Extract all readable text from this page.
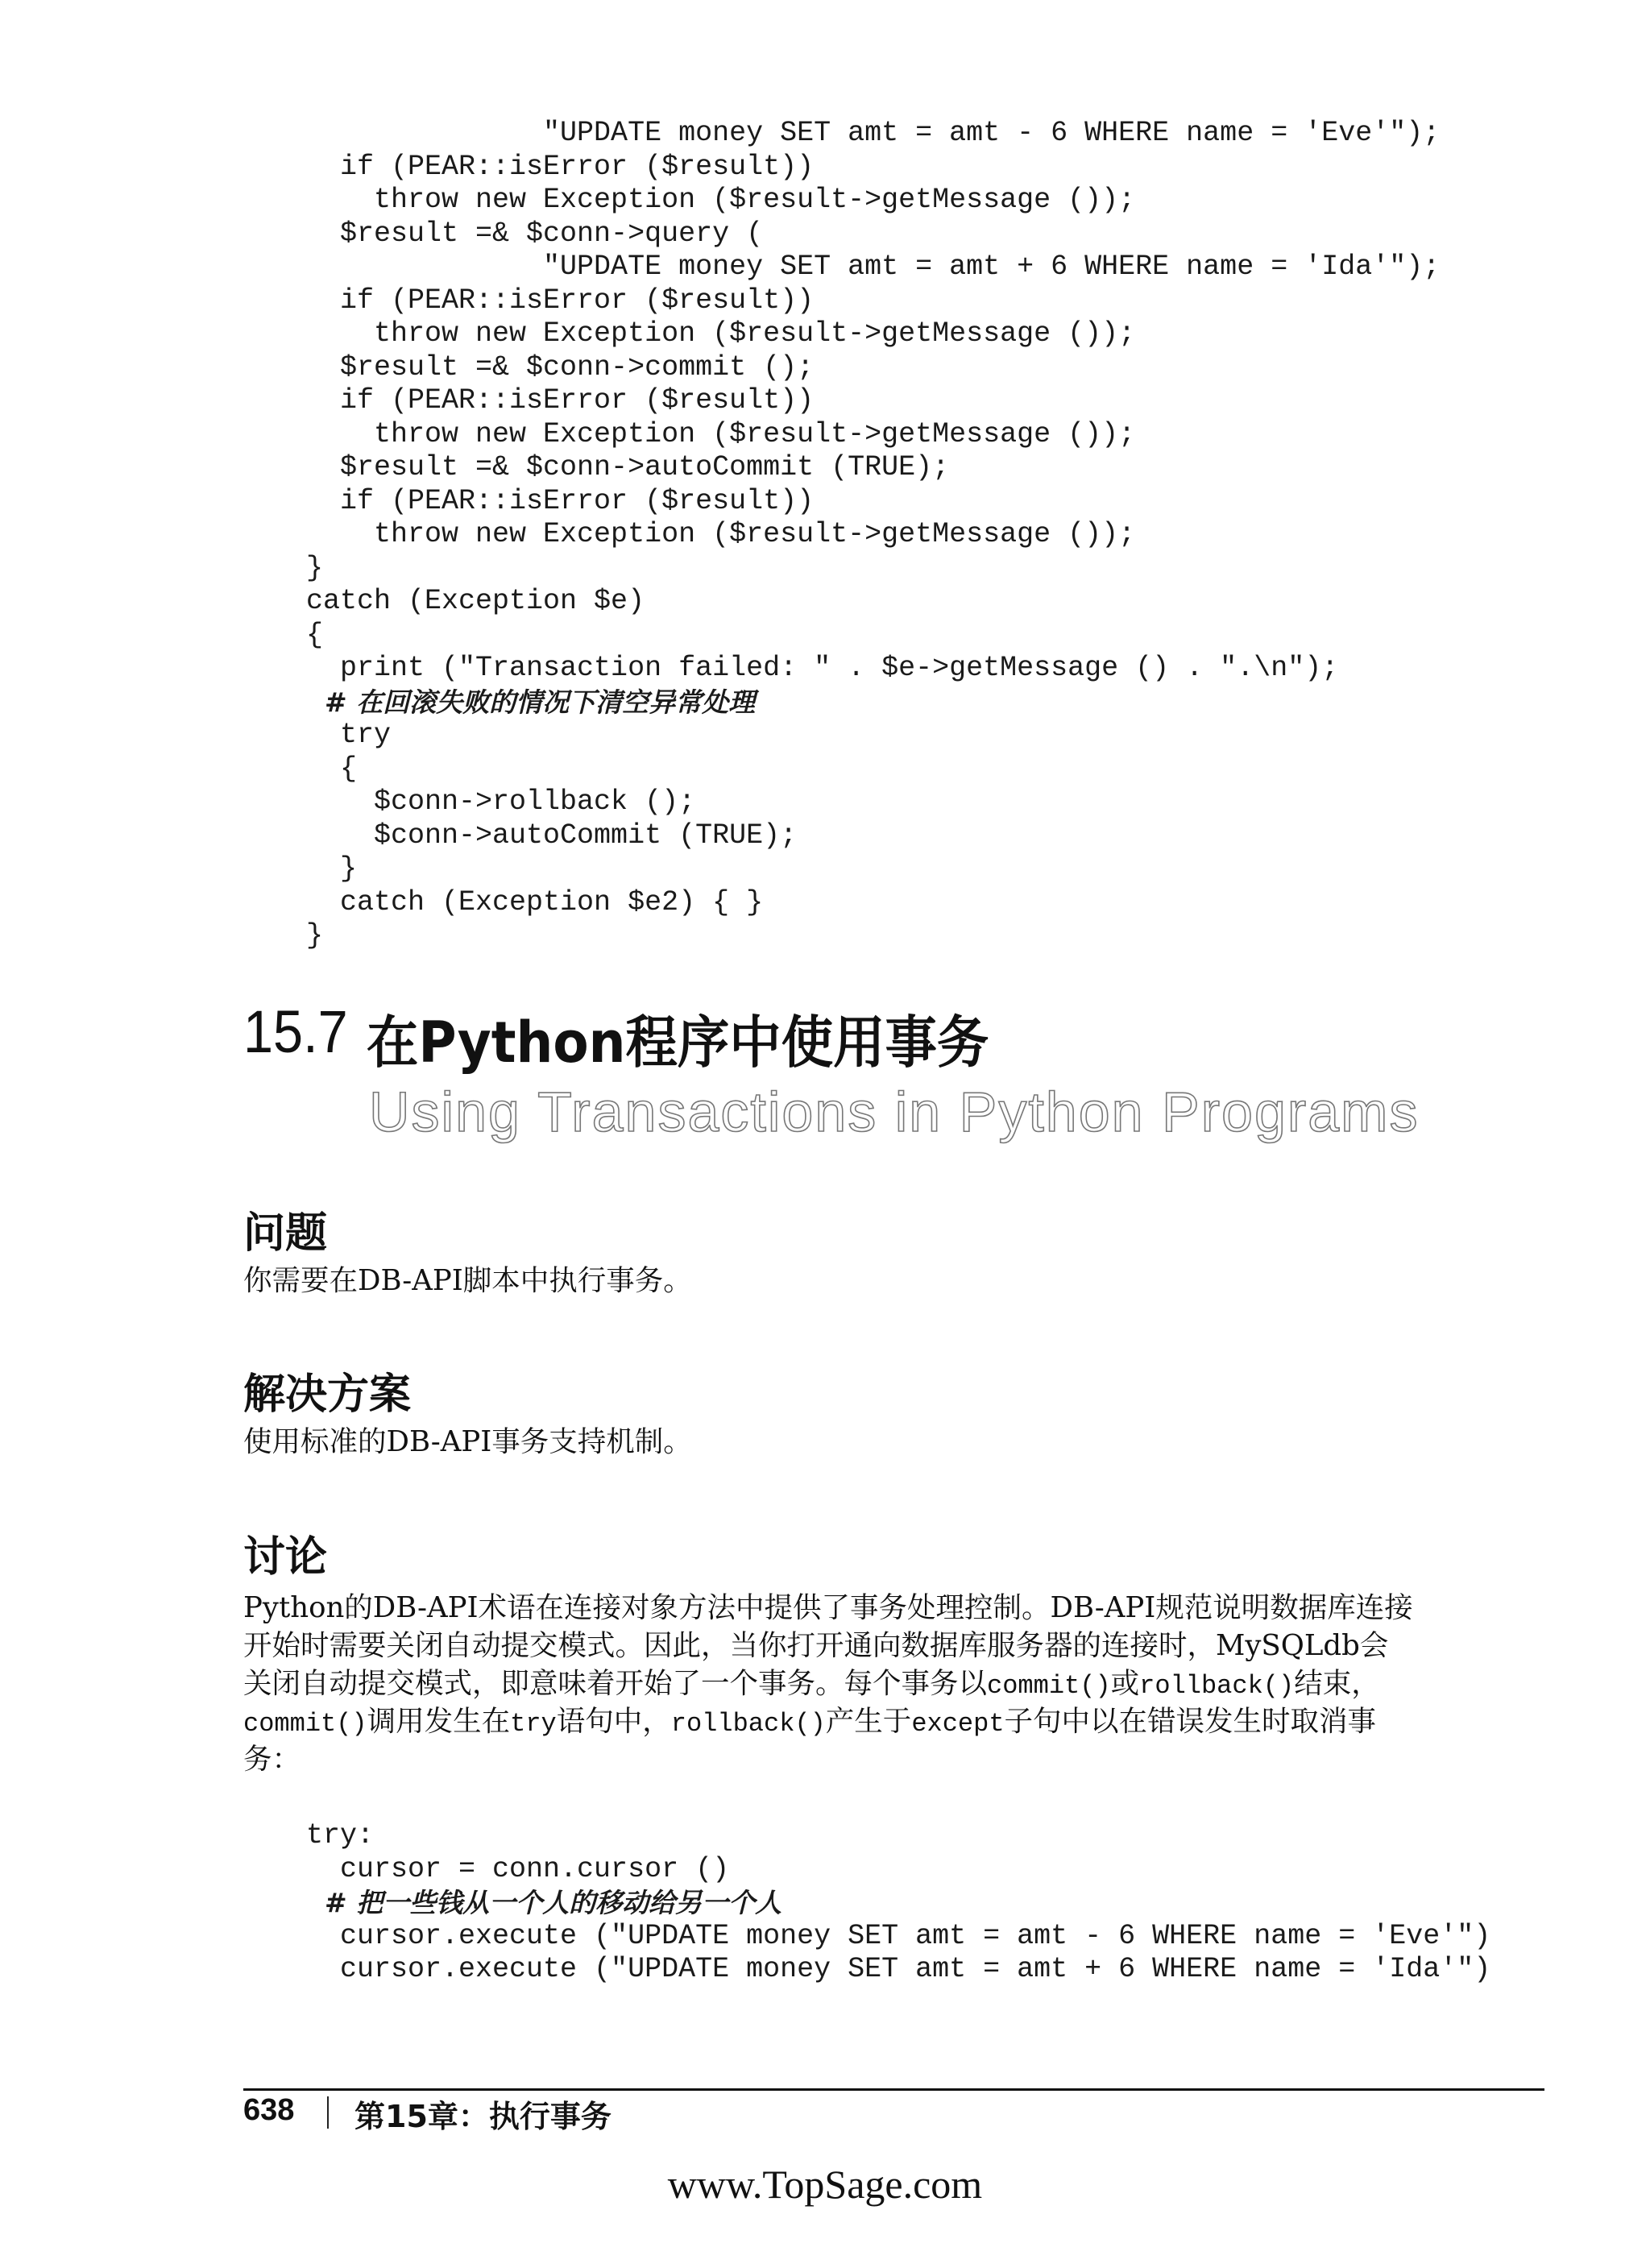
"UPDATE money SET amt = amt - 6 WHERE name = 'Eve'");
if (PEAR::isError ($result))
throw new Exception ($result->getMessage ());
$result =& $conn->query (
"UPDATE money SET amt = amt + 6 WHERE name = 'Ida'");
if (PEAR::isError ($result))
throw new Exception ($result->getMessage ());
$result =& $conn->commit ();
if (PEAR::isError ($result))
throw new Exception ($result->getMessage ());
$result =& $conn->autoCommit (TRUE);
if (PEAR::isError ($result))
throw new Exception ($result->getMessage ());
}
catch (Exception $e)
{
print ("Transaction failed: " . $e->getMessage () . ".\n");
# 在回滚失败的情况下清空异常处理
try
{
$conn->rollback ();
$conn->autoCommit (TRUE);
}
catch (Exception $e2) { }
}
15.7 在Python程序中使用事务
Using Transactions in Python Programs
问题
你需要在DB-API脚本中执行事务。
解决方案
使用标准的DB-API事务支持机制。
讨论
Python的DB-API术语在连接对象方法中提供了事务处理控制。DB-API规范说明数据库连接
开始时需要关闭自动提交模式。因此，当你打开通向数据库服务器的连接时，MySQLdb会
关闭自动提交模式，即意味着开始了一个事务。每个事务以commit()或rollback()结束，
commit()调用发生在try语句中，rollback()产生于except子句中以在错误发生时取消事
务：
try:
cursor = conn.cursor ()
# 把一些钱从一个人的移动给另一个人
cursor.execute ("UPDATE money SET amt = amt - 6 WHERE name = 'Eve'")
cursor.execute ("UPDATE money SET amt = amt + 6 WHERE name = 'Ida'")
638 第15章：执行事务
www.TopSage.com
